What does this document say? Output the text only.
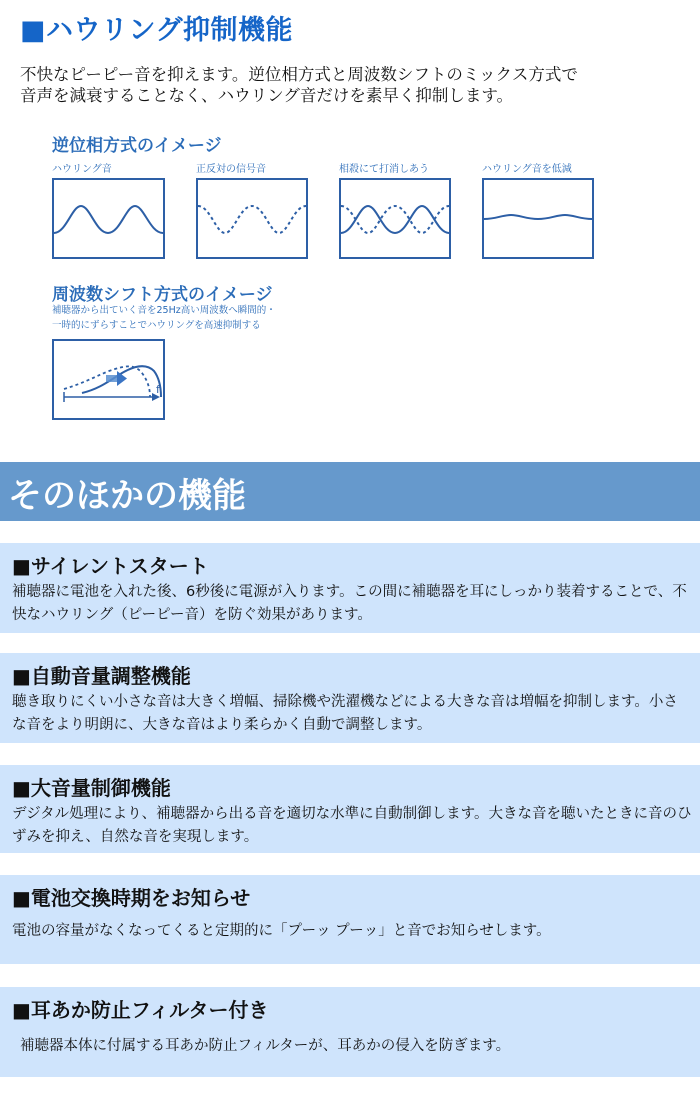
■ハウリング抑制機能
不快なピーピー音を抑えます。逆位相方式と周波数シフトのミックス方式で
音声を減衰することなく、ハウリング音だけを素早く抑制します。
逆位相方式のイメージ
ハウリング音	正反対の信号音	相殺にて打消しあう	ハウリング音を低減
周波数シフト方式のイメージ
補聴器から出ていく音を25Hz高い周波数へ瞬間的・
一時的にずらすことでハウリングを高速抑制する
f
そのほかの機能
■サイレントスタート
補聴器に電池を入れた後、6秒後に電源が入ります。この間に補聴器を耳にしっかり装着することで、不快なハウリング（ピーピー音）を防ぐ効果があります。
■自動音量調整機能
聴き取りにくい小さな音は大きく増幅、掃除機や洗濯機などによる大きな音は増幅を抑制します。小さな音をより明朗に、大きな音はより柔らかく自動で調整します。
■大音量制御機能
デジタル処理により、補聴器から出る音を適切な水準に自動制御します。大きな音を聴いたときに音のひずみを抑え、自然な音を実現します。
■電池交換時期をお知らせ
電池の容量がなくなってくると定期的に「プーッ プーッ」と音でお知らせします。
■耳あか防止フィルター付き
補聴器本体に付属する耳あか防止フィルターが、耳あかの侵入を防ぎます。
